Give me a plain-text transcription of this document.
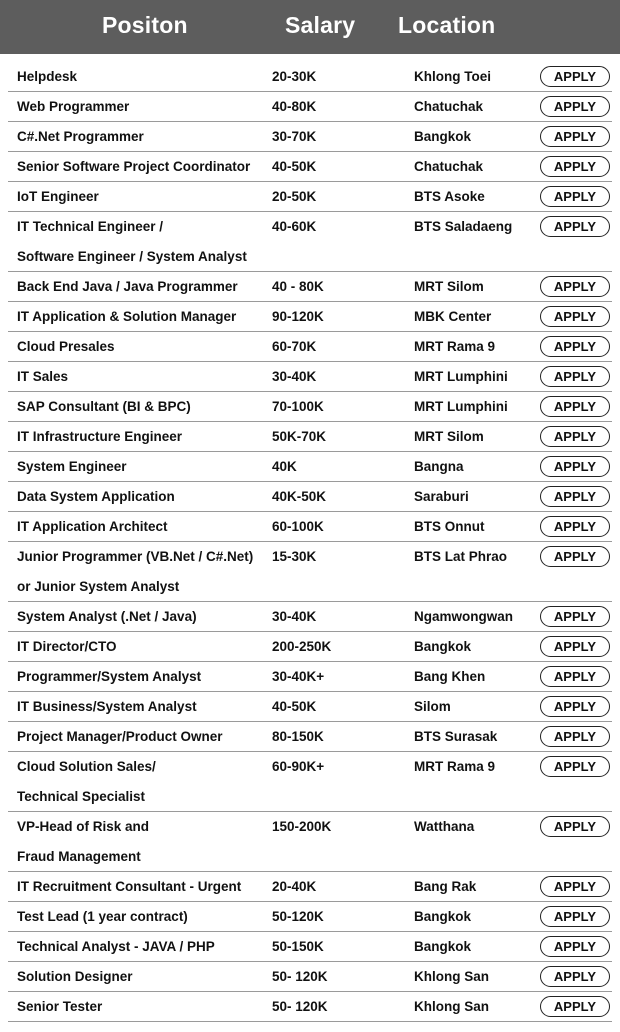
Positon	Salary Location
Helpdesk	20-30K	Khlong Toei	APPLY
Web Programmer	40-80K	Chatuchak	APPLY
C#.Net Programmer	30-70K	Bangkok	APPLY
Senior Software Project Coordinator 40-50K	Chatuchak	APPLY
IoT Engineer	20-50K	BTS Asoke	APPLY
IT Technical Engineer /
Software Engineer / System Analyst
40-60K	BTS Saladaeng	APPLY
Back End Java / Java Programmer	40 - 80K	MRT Silom	APPLY
IT Application & Solution Manager	90-120K	MBK Center	APPLY
Cloud Presales	60-70K	MRT Rama 9	APPLY
IT Sales	30-40K	MRT Lumphini	APPLY
SAP Consultant (BI & BPC)	70-100K	MRT Lumphini	APPLY
IT Infrastructure Engineer	50K-70K	MRT Silom	APPLY
System Engineer	40K	Bangna	APPLY
Data System Application	40K-50K	Saraburi	APPLY
IT Application Architect	60-100K	BTS Onnut	APPLY
Junior Programmer (VB.Net / C#.Net)
or Junior System Analyst
15-30K	BTS Lat Phrao	APPLY
System Analyst (.Net / Java)	30-40K	Ngamwongwan	APPLY
IT Director/CTO	200-250K	Bangkok	APPLY
Programmer/System Analyst	30-40K+	Bang Khen	APPLY
IT Business/System Analyst	40-50K	Silom	APPLY
Project Manager/Product Owner	80-150K	BTS Surasak	APPLY
Cloud Solution Sales/
Technical Specialist
60-90K+	MRT Rama 9	APPLY
VP-Head of Risk and
Fraud Management
150-200K	Watthana	APPLY
IT Recruitment Consultant - Urgent 20-40K	Bang Rak	APPLY
Test Lead (1 year contract)	50-120K	Bangkok	APPLY
Technical Analyst - JAVA / PHP	50-150K	Bangkok	APPLY
Solution Designer	50- 120K	Khlong San	APPLY
Senior Tester	50- 120K	Khlong San	APPLY
